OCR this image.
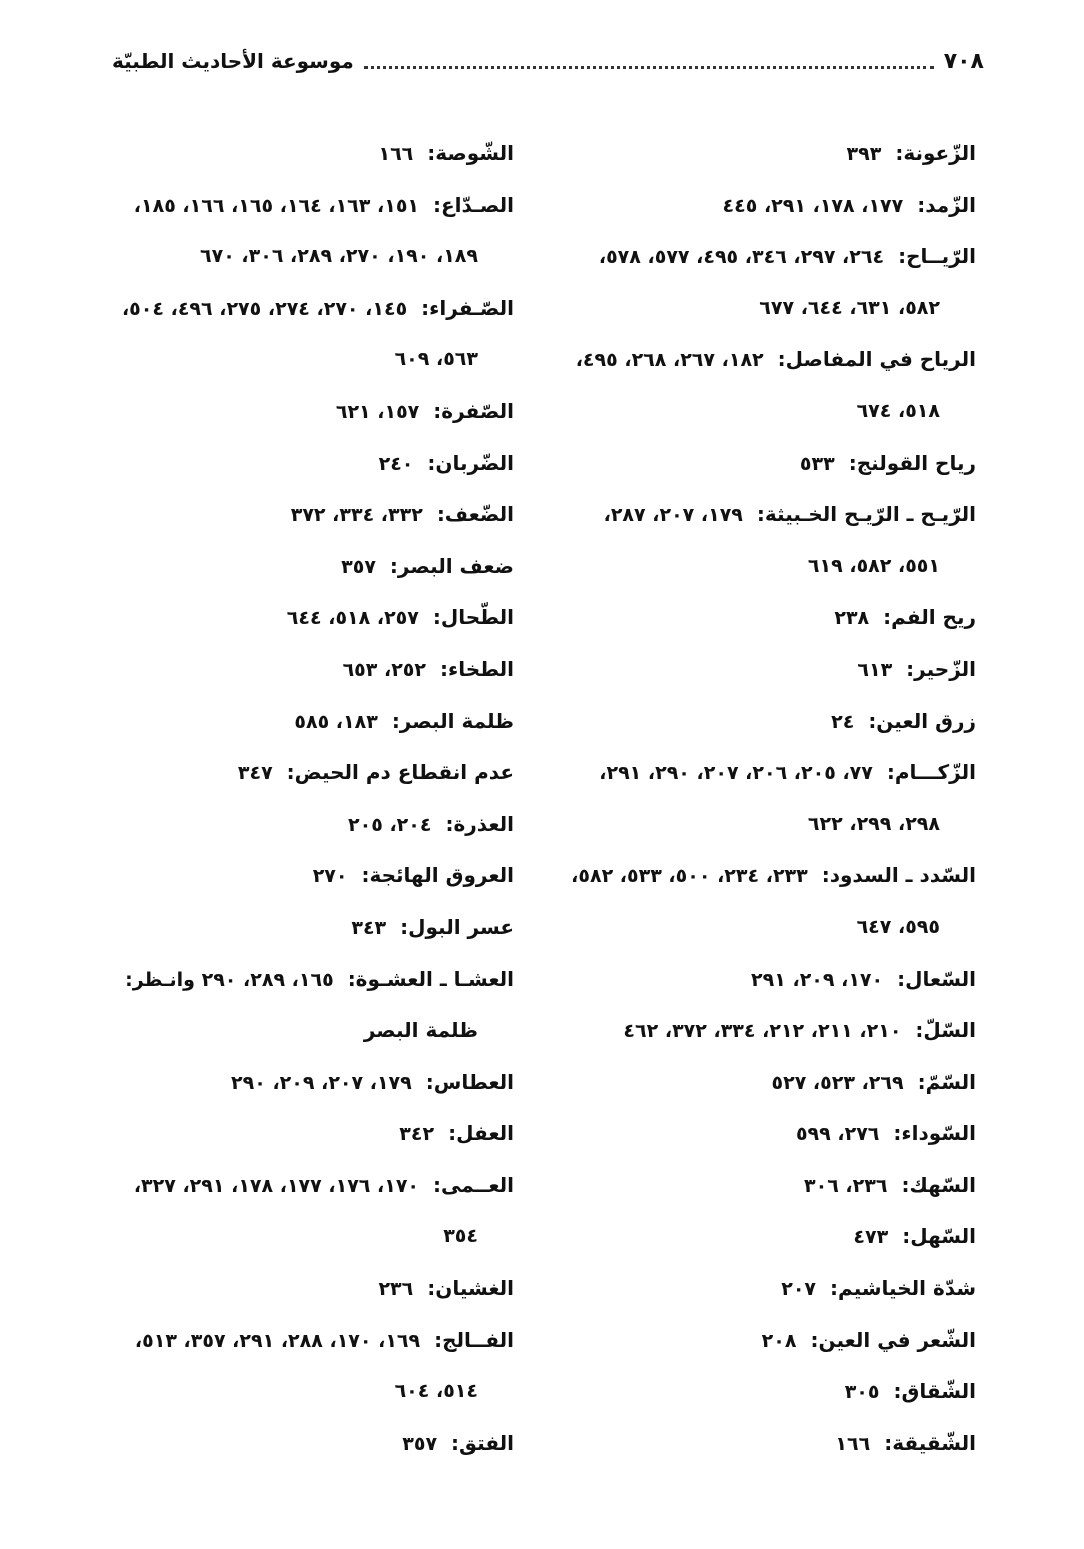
٧٠٨
موسوعة الأحاديث الطبيّة
الزّعونة:٣٩٣
الزّمد:١٧٧، ١٧٨، ٢٩١، ٤٤٥
الرّيــاح:٢٦٤، ٢٩٧، ٣٤٦، ٤٩٥، ٥٧٧، ٥٧٨،
٥٨٢، ٦٣١، ٦٤٤، ٦٧٧
الرياح في المفاصل:١٨٢، ٢٦٧، ٢٦٨، ٤٩٥،
٥١٨، ٦٧٤
رياح القولنج:٥٣٣
الرّيـح ـ الرّيـح الخـبيثة:١٧٩، ٢٠٧، ٢٨٧،
٥٥١، ٥٨٢، ٦١٩
ريح الفم:٢٣٨
الزّحير:٦١٣
زرق العين:٢٤
الزّكـــام:٧٧، ٢٠٥، ٢٠٦، ٢٠٧، ٢٩٠، ٢٩١،
٢٩٨، ٢٩٩، ٦٢٢
السّدد ـ السدود:٢٣٣، ٢٣٤، ٥٠٠، ٥٣٣، ٥٨٢،
٥٩٥، ٦٤٧
السّعال:١٧٠، ٢٠٩، ٢٩١
السّلّ:٢١٠، ٢١١، ٢١٢، ٣٣٤، ٣٧٢، ٤٦٢
السّمّ:٢٦٩، ٥٢٣، ٥٢٧
السّوداء:٢٧٦، ٥٩٩
السّهك:٢٣٦، ٣٠٦
السّهل:٤٧٣
شدّة الخياشيم:٢٠٧
الشّعر في العين:٢٠٨
الشّقاق:٣٠٥
الشّقيقة:١٦٦
الشّوصة:١٦٦
الصـدّاع:١٥١، ١٦٣، ١٦٤، ١٦٥، ١٦٦، ١٨٥،
١٨٩، ١٩٠، ٢٧٠، ٢٨٩، ٣٠٦، ٦٧٠
الصّـفراء:١٤٥، ٢٧٠، ٢٧٤، ٢٧٥، ٤٩٦، ٥٠٤،
٥٦٣، ٦٠٩
الصّفرة:١٥٧، ٦٢١
الضّربان:٢٤٠
الضّعف:٣٣٢، ٣٣٤، ٣٧٢
ضعف البصر:٣٥٧
الطّحال:٢٥٧، ٥١٨، ٦٤٤
الطخاء:٢٥٢، ٦٥٣
ظلمة البصر:١٨٣، ٥٨٥
عدم انقطاع دم الحيض:٣٤٧
العذرة:٢٠٤، ٢٠٥
العروق الهائجة:٢٧٠
عسر البول:٣٤٣
العشـا ـ العشـوة:١٦٥، ٢٨٩، ٢٩٠ وانـظر:
ظلمة البصر
العطاس:١٧٩، ٢٠٧، ٢٠٩، ٢٩٠
العفل:٣٤٢
العــمى:١٧٠، ١٧٦، ١٧٧، ١٧٨، ٢٩١، ٣٢٧،
٣٥٤
الغشيان:٢٣٦
الفــالج:١٦٩، ١٧٠، ٢٨٨، ٢٩١، ٣٥٧، ٥١٣،
٥١٤، ٦٠٤
الفتق:٣٥٧
